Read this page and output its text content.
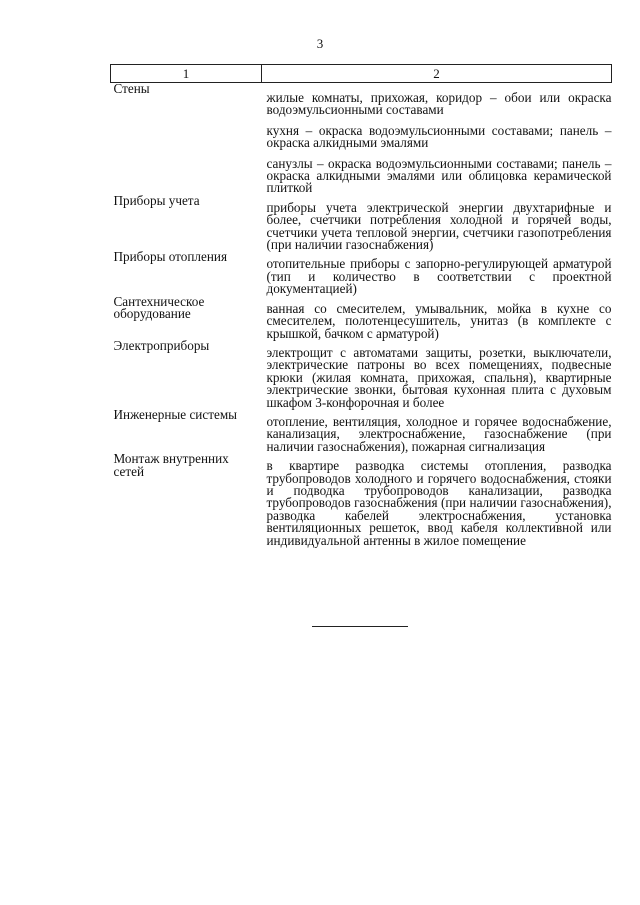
3
1	2
Стены	жилые комнаты, прихожая, коридор – обои или окраска водоэмульсионными составами

кухня – окраска водоэмульсионными составами; панель – окраска алкидными эмалями

санузлы – окраска водоэмульсионными составами; панель – окраска алкидными эмалями или облицовка керамической плиткой

Приборы учета	приборы учета электрической энергии двухтарифные и более, счетчики потребления холодной и горячей воды, счетчики учета тепловой энергии, счетчики газопотребления (при наличии газоснабжения)

Приборы отопления	отопительные приборы с запорно-регулирующей арматурой (тип и количество в соответствии с проектной документацией)

Сантехническое оборудование	ванная со смесителем, умывальник, мойка в кухне со смесителем, полотенцесушитель, унитаз (в комплекте с крышкой, бачком с арматурой)

Электроприборы	электрощит с автоматами защиты, розетки, выключатели, электрические патроны во всех помещениях, подвесные крюки (жилая комната, прихожая, спальня), квартирные электрические звонки, бытовая кухонная плита с духовым шкафом 3-конфорочная и более

Инженерные системы	отопление, вентиляция, холодное и горячее водоснабжение, канализация, электроснабжение, газоснабжение (при наличии газоснабжения), пожарная сигнализация

Монтаж внутренних сетей	в квартире разводка системы отопления, разводка трубопроводов холодного и горячего водоснабжения, стояки и подводка трубопроводов канализации, разводка трубопроводов газоснабжения (при наличии газоснабжения), разводка кабелей электроснабжения, установка вентиляционных решеток, ввод кабеля коллективной или индивидуальной антенны в жилое помещение
